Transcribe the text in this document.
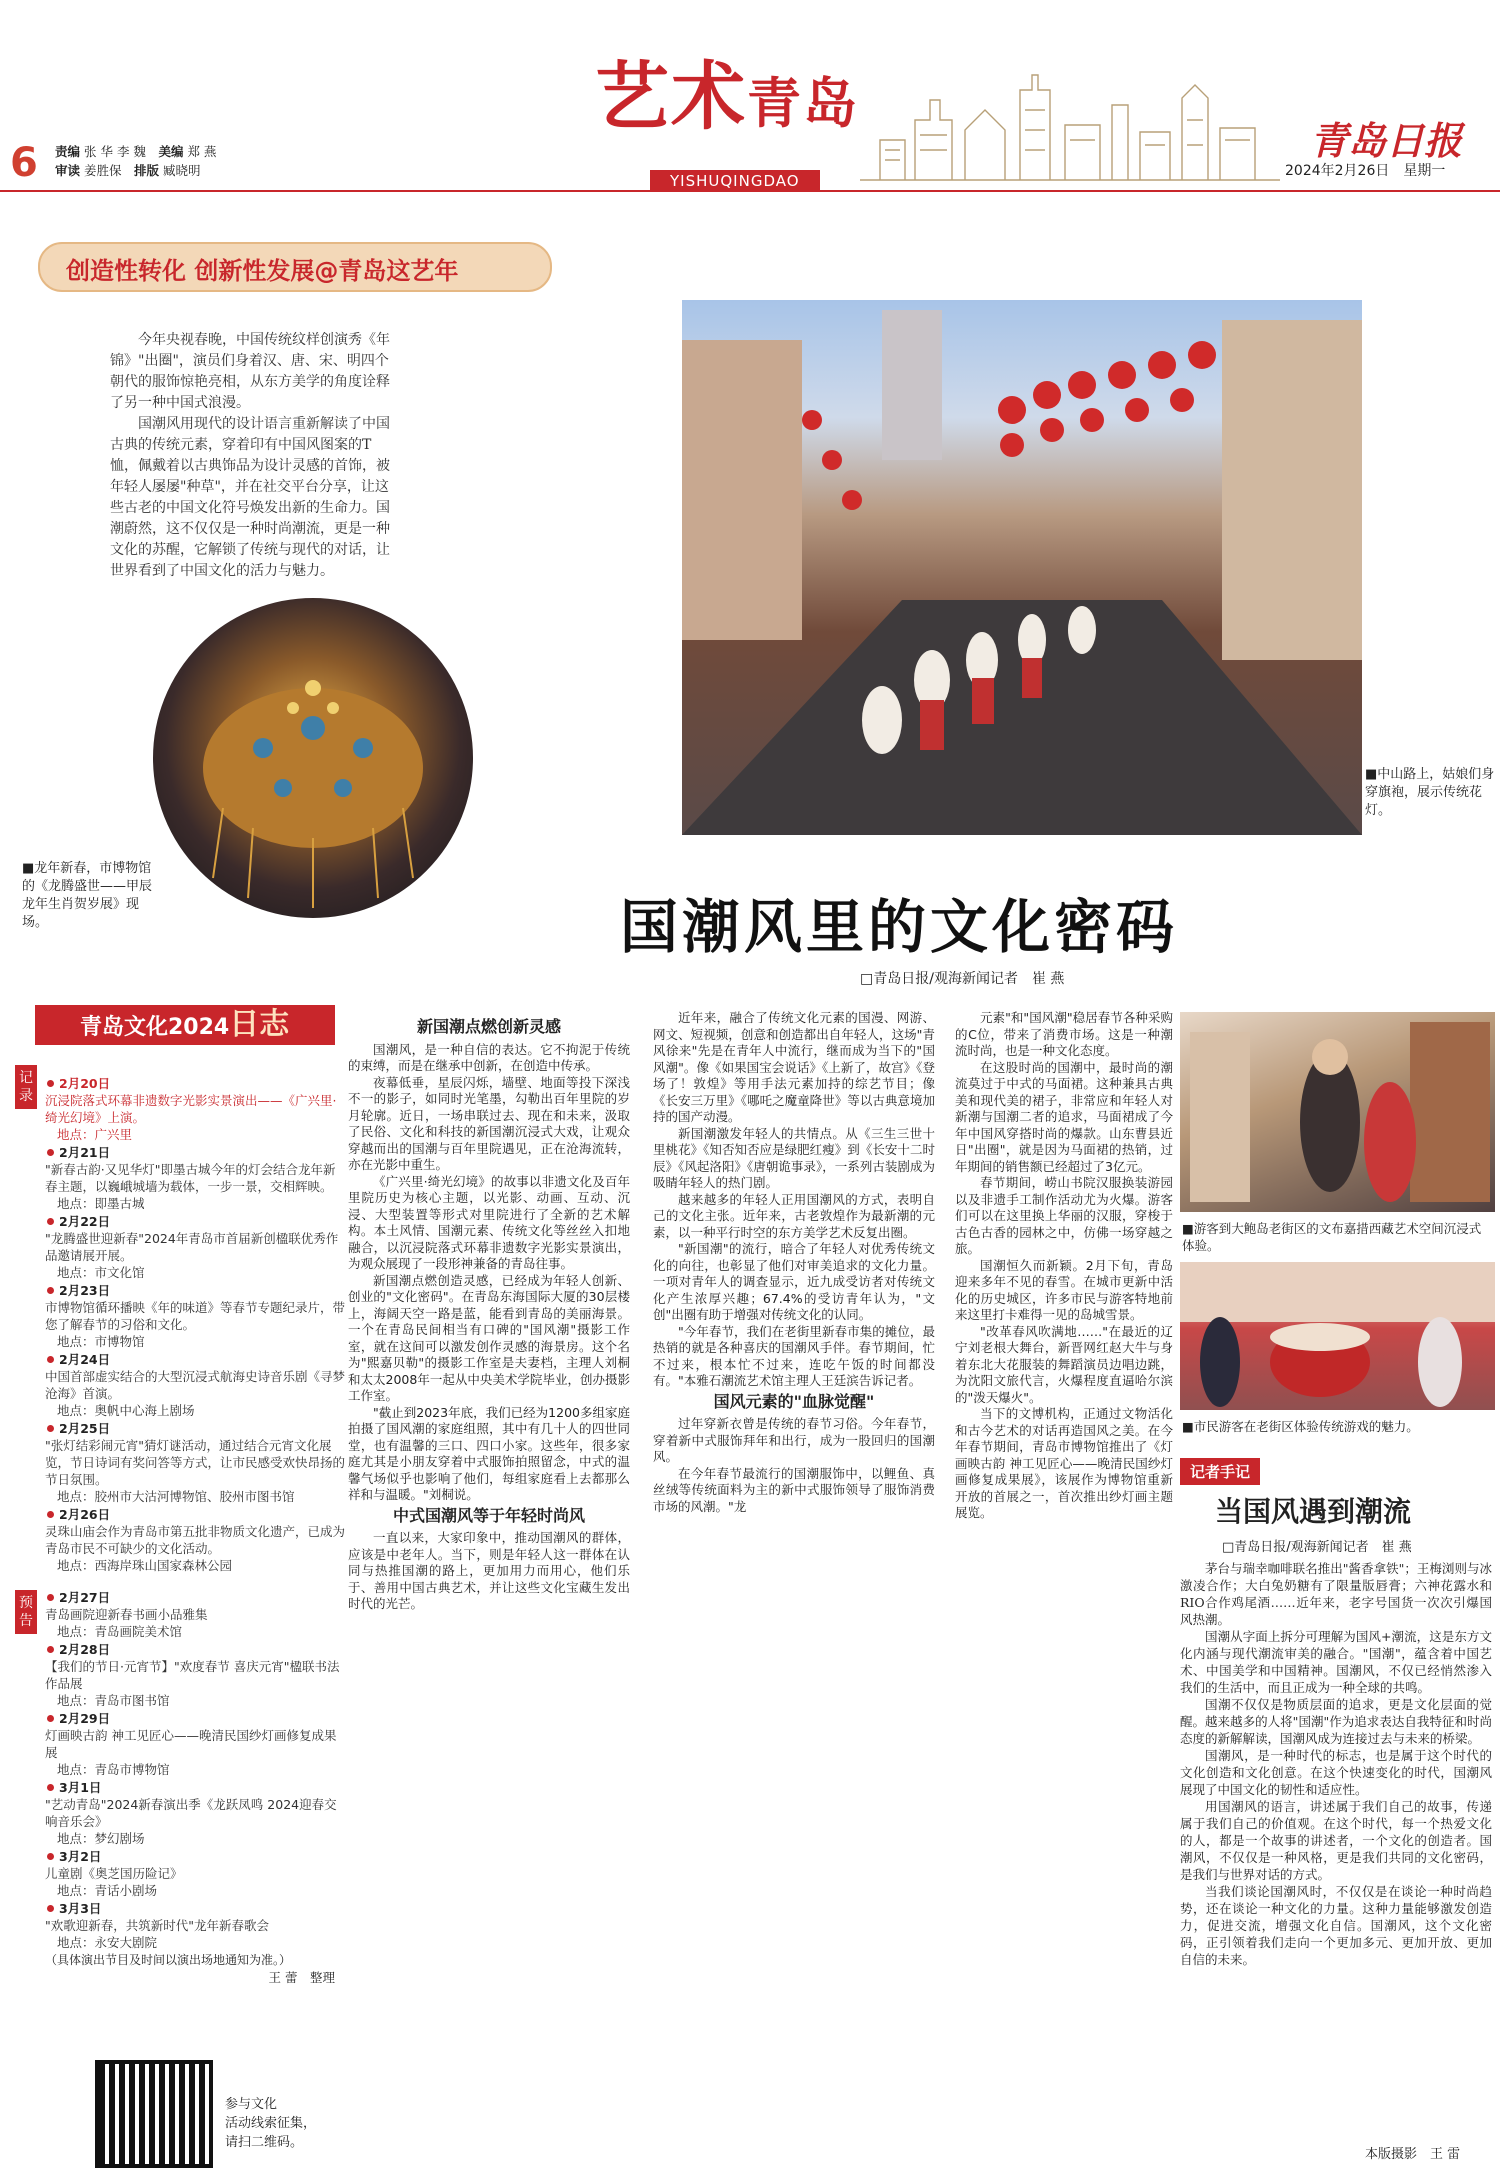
6 责编 张 华 李 魏　 美编 郑 燕
审读 姜胜保　 排版 臧晓明
艺术青岛
YISHUQINGDAO
青岛日报
2024年2月26日　 星期一
创造性转化 创新性发展@青岛这艺年

今年央视春晚，中国传统纹样创演秀《年锦》"出圈"，演员们身着汉、唐、宋、明四个朝代的服饰惊艳亮相，从东方美学的角度诠释了另一种中国式浪漫。

国潮风用现代的设计语言重新解读了中国古典的传统元素，穿着印有中国风图案的T恤，佩戴着以古典饰品为设计灵感的首饰，被年轻人屡屡"种草"，并在社交平台分享，让这些古老的中国文化符号焕发出新的生命力。国潮蔚然，这不仅仅是一种时尚潮流，更是一种文化的苏醒，它解锁了传统与现代的对话，让世界看到了中国文化的活力与魅力。

■中山路上，姑娘们身穿旗袍，展示传统花灯。
■龙年新春，市博物馆的《龙腾盛世——甲辰龙年生肖贺岁展》现场。	国潮风里的文化密码
□青岛日报/观海新闻记者　崔 燕
青岛文化2024日志
记录
预告
2月20日
沉浸院落式环幕非遗数字光影实景演出——《广兴里·绮光幻境》上演。
地点：广兴里
2月21日
"新春古韵·又见华灯"即墨古城今年的灯会结合龙年新春主题，以巍峨城墙为载体，一步一景，交相辉映。
地点：即墨古城
2月22日
"龙腾盛世迎新春"2024年青岛市首届新创楹联优秀作品邀请展开展。
地点：市文化馆
2月23日
市博物馆循环播映《年的味道》等春节专题纪录片，带您了解春节的习俗和文化。
地点：市博物馆
2月24日
中国首部虚实结合的大型沉浸式航海史诗音乐剧《寻梦沧海》首演。
地点：奥帆中心海上剧场
2月25日
"张灯结彩闹元宵"猜灯谜活动，通过结合元宵文化展览，节日诗词有奖问答等方式，让市民感受欢快昂扬的节日氛围。
地点：胶州市大沽河博物馆、胶州市图书馆
2月26日
灵珠山庙会作为青岛市第五批非物质文化遗产，已成为青岛市民不可缺少的文化活动。
地点：西海岸珠山国家森林公园
2月27日
青岛画院迎新春书画小品雅集
地点：青岛画院美术馆
2月28日
【我们的节日·元宵节】"欢度春节 喜庆元宵"楹联书法作品展
地点：青岛市图书馆
2月29日
灯画映古韵 神工见匠心——晚清民国纱灯画修复成果展
地点：青岛市博物馆
3月1日
"艺动青岛"2024新春演出季《龙跃凤鸣 2024迎春交响音乐会》
地点：梦幻剧场
3月2日
儿童剧《奥芝国历险记》
地点：青话小剧场
3月3日
"欢歌迎新春，共筑新时代"龙年新春歌会
地点：永安大剧院
（具体演出节目及时间以演出场地通知为准。）
王 蕾　整理
参与文化
活动线索征集，
请扫二维码。
新国潮点燃创新灵感

国潮风，是一种自信的表达。它不拘泥于传统的束缚，而是在继承中创新，在创造中传承。

夜幕低垂，星辰闪烁，墙壁、地面等投下深浅不一的影子，如同时光笔墨，勾勒出百年里院的岁月轮廓。近日，一场串联过去、现在和未来，汲取了民俗、文化和科技的新国潮沉浸式大戏，让观众穿越而出的国潮与百年里院遇见，正在沧海流转，亦在光影中重生。

《广兴里·绮光幻境》的故事以非遗文化及百年里院历史为核心主题，以光影、动画、互动、沉浸、大型装置等形式对里院进行了全新的艺术解构。本土风情、国潮元素、传统文化等丝丝入扣地融合，以沉浸院落式环幕非遗数字光影实景演出，为观众展现了一段形神兼备的青岛往事。

新国潮点燃创造灵感，已经成为年轻人创新、创业的"文化密码"。在青岛东海国际大厦的30层楼上，海阔天空一路是蓝，能看到青岛的美丽海景。一个在青岛民间相当有口碑的"国风潮"摄影工作室，就在这间可以激发创作灵感的海景房。这个名为"熙嘉贝勒"的摄影工作室是夫妻档，主理人刘桐和太太2008年一起从中央美术学院毕业，创办摄影工作室。

"截止到2023年底，我们已经为1200多组家庭拍摄了国风潮的家庭组照，其中有几十人的四世同堂，也有温馨的三口、四口小家。这些年，很多家庭尤其是小朋友穿着中式服饰拍照留念，中式的温馨气场似乎也影响了他们，每组家庭看上去都那么祥和与温暖。"刘桐说。

中式国潮风等于年轻时尚风

一直以来，大家印象中，推动国潮风的群体，应该是中老年人。当下，则是年轻人这一群体在认同与热推国潮的路上，更加用力而用心，他们乐于、善用中国古典艺术，并让这些文化宝藏生发出时代的光芒。

近年来，融合了传统文化元素的国漫、网游、网文、短视频，创意和创造都出自年轻人，这场"青风徐来"先是在青年人中流行，继而成为当下的"国风潮"。像《如果国宝会说话》《上新了，故宫》《登场了！敦煌》等用手法元素加持的综艺节目；像《长安三万里》《哪吒之魔童降世》等以古典意境加持的国产动漫。

新国潮激发年轻人的共情点。从《三生三世十里桃花》《知否知否应是绿肥红瘦》到《长安十二时辰》《风起洛阳》《唐朝诡事录》，一系列古装剧成为吸睛年轻人的热门剧。

越来越多的年轻人正用国潮风的方式，表明自己的文化主张。近年来，古老敦煌作为最新潮的元素，以一种平行时空的东方美学艺术反复出圈。

"新国潮"的流行，暗合了年轻人对优秀传统文化的向往，也彰显了他们对审美追求的文化力量。一项对青年人的调查显示，近九成受访者对传统文化产生浓厚兴趣；67.4%的受访青年认为，"文创"出圈有助于增强对传统文化的认同。

"今年春节，我们在老街里新春市集的摊位，最热销的就是各种喜庆的国潮风手伴。春节期间，忙不过来，根本忙不过来，连吃午饭的时间都没有。"本雅石潮流艺术馆主理人王廷滨告诉记者。

国风元素的"血脉觉醒"

过年穿新衣曾是传统的春节习俗。今年春节，穿着新中式服饰拜年和出行，成为一股回归的国潮风。

在今年春节最流行的国潮服饰中，以鲤鱼、真丝绒等传统面料为主的新中式服饰领导了服饰消费市场的风潮。"龙

元素"和"国风潮"稳居春节各种采购的C位，带来了消费市场。这是一种潮流时尚，也是一种文化态度。

在这股时尚的国潮中，最时尚的潮流莫过于中式的马面裙。这种兼具古典美和现代美的裙子，非常应和年轻人对新潮与国潮二者的追求，马面裙成了今年中国风穿搭时尚的爆款。山东曹县近日"出圈"，就是因为马面裙的热销，过年期间的销售额已经超过了3亿元。

春节期间，崂山书院汉服换装游园以及非遗手工制作活动尤为火爆。游客们可以在这里换上华丽的汉服，穿梭于古色古香的园林之中，仿佛一场穿越之旅。

国潮恒久而新颖。2月下旬，青岛迎来多年不见的春雪。在城市更新中活化的历史城区，许多市民与游客特地前来这里打卡难得一见的岛城雪景。

"改革春风吹满地……"在最近的辽宁刘老根大舞台，新晋网红赵大牛与身着东北大花服装的舞蹈演员边唱边跳，为沈阳文旅代言，火爆程度直逼哈尔滨的"泼天爆火"。

当下的文博机构，正通过文物活化和古今艺术的对话再造国风之美。在今年春节期间，青岛市博物馆推出了《灯画映古韵 神工见匠心——晚清民国纱灯画修复成果展》，该展作为博物馆重新开放的首展之一，首次推出纱灯画主题展览。

■游客到大鲍岛老街区的文布嘉措西藏艺术空间沉浸式体验。
■市民游客在老街区体验传统游戏的魅力。
记者手记
当国风遇到潮流
□青岛日报/观海新闻记者　崔 燕

茅台与瑞幸咖啡联名推出"酱香拿铁"；王梅浏则与冰激凌合作；大白兔奶糖有了限量版唇膏；六神花露水和RIO合作鸡尾酒……近年来，老字号国货一次次引爆国风热潮。

国潮从字面上拆分可理解为国风+潮流，这是东方文化内涵与现代潮流审美的融合。"国潮"，蕴含着中国艺术、中国美学和中国精神。国潮风，不仅已经悄然渗入我们的生活中，而且正成为一种全球的共鸣。

国潮不仅仅是物质层面的追求，更是文化层面的觉醒。越来越多的人将"国潮"作为追求表达自我特征和时尚态度的新解解读，国潮风成为连接过去与未来的桥梁。

国潮风，是一种时代的标志，也是属于这个时代的文化创造和文化创意。在这个快速变化的时代，国潮风展现了中国文化的韧性和适应性。

用国潮风的语言，讲述属于我们自己的故事，传递属于我们自己的价值观。在这个时代，每一个热爱文化的人，都是一个故事的讲述者，一个文化的创造者。国潮风，不仅仅是一种风格，更是我们共同的文化密码，是我们与世界对话的方式。

当我们谈论国潮风时，不仅仅是在谈论一种时尚趋势，还在谈论一种文化的力量。这种力量能够激发创造力，促进交流，增强文化自信。国潮风，这个文化密码，正引领着我们走向一个更加多元、更加开放、更加自信的未来。

本版摄影　王 雷
